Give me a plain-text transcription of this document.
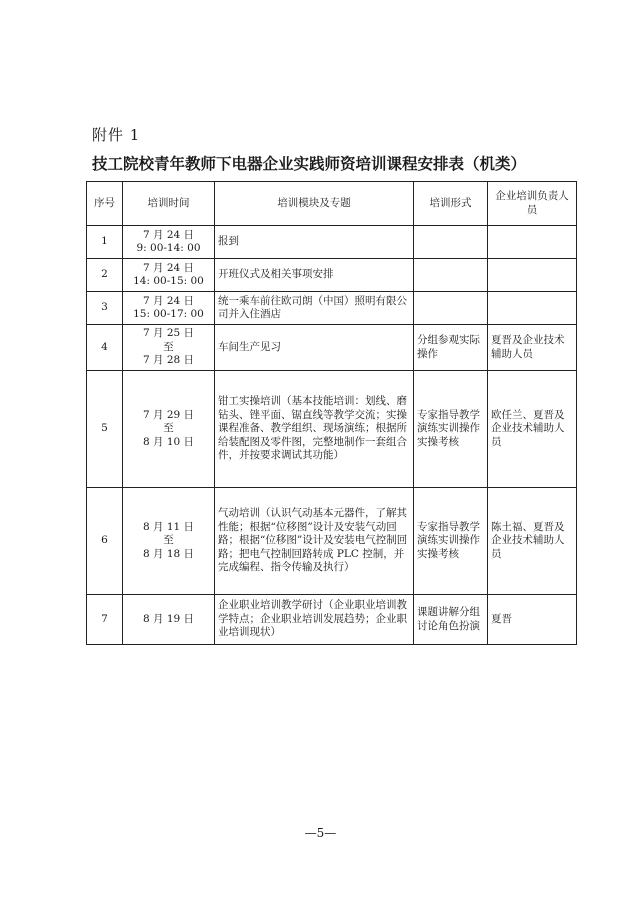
附件 1
技工院校青年教师下电器企业实践师资培训课程安排表（机类）
序号	培训时间	培训模块及专题	培训形式	企业培训负责人员
1	7 月 24 日
9: 00-14: 00	报到		
2	7 月 24 日
14: 00-15: 00	开班仪式及相关事项安排		
3	7 月 24 日
15: 00-17: 00	统一乘车前往欧司朗（中国）照明有限公司并入住酒店		
4	7 月 25 日
至
7 月 28 日	车间生产见习	分组参观实际操作	夏晋及企业技术辅助人员
5	7 月 29 日
至
8 月 10 日	钳工实操培训（基本技能培训：划线、磨钻头、锉平面、锯直线等教学交流；实操课程准备、教学组织、现场演练；根据所给装配图及零件图，完整地制作一套组合件，并按要求调试其功能）	专家指导教学演练实训操作实操考核	欧任兰、夏晋及企业技术辅助人员
6	8 月 11 日
至
8 月 18 日	气动培训（认识气动基本元器件，了解其性能；根据“位移图”设计及安装气动回路；根据“位移图”设计及安装电气控制回路；把电气控制回路转成 PLC 控制，并完成编程、指令传输及执行）	专家指导教学演练实训操作实操考核	陈土福、夏晋及企业技术辅助人员
7	8 月 19 日	企业职业培训教学研讨（企业职业培训教学特点；企业职业培训发展趋势；企业职业培训现状）	课题讲解分组讨论角色扮演	夏晋
—5—
